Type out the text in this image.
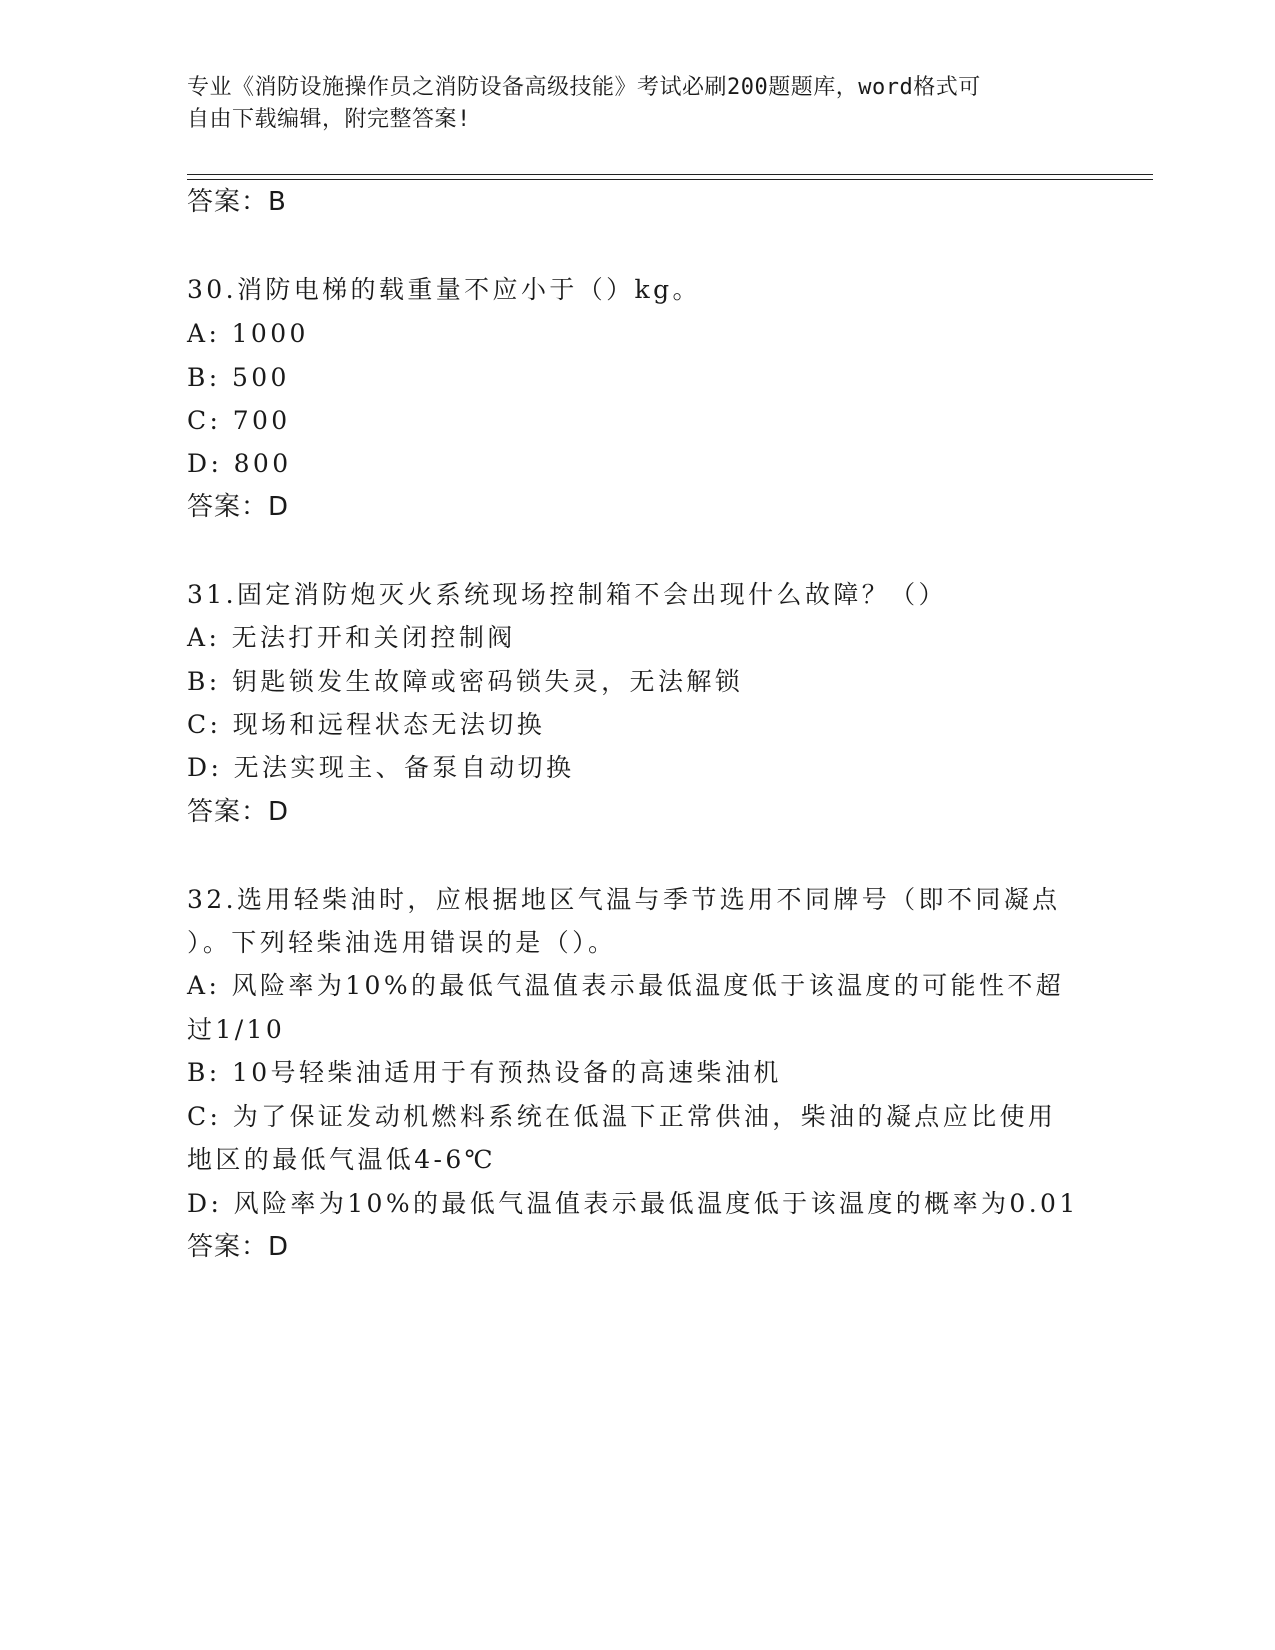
专业《消防设施操作员之消防设备高级技能》考试必刷200题题库，word格式可
自由下载编辑，附完整答案!
答案：B
30.消防电梯的载重量不应小于（）kg。
A: 1000
B: 500
C: 700
D: 800
答案：D
31.固定消防炮灭火系统现场控制箱不会出现什么故障？（）
A: 无法打开和关闭控制阀
B: 钥匙锁发生故障或密码锁失灵，无法解锁
C: 现场和远程状态无法切换
D: 无法实现主、备泵自动切换
答案：D
32.选用轻柴油时，应根据地区气温与季节选用不同牌号（即不同凝点
）。下列轻柴油选用错误的是（）。
A: 风险率为10%的最低气温值表示最低温度低于该温度的可能性不超
过1/10
B: 10号轻柴油适用于有预热设备的高速柴油机
C: 为了保证发动机燃料系统在低温下正常供油，柴油的凝点应比使用
地区的最低气温低4-6℃
D: 风险率为10%的最低气温值表示最低温度低于该温度的概率为0.01
答案：D
